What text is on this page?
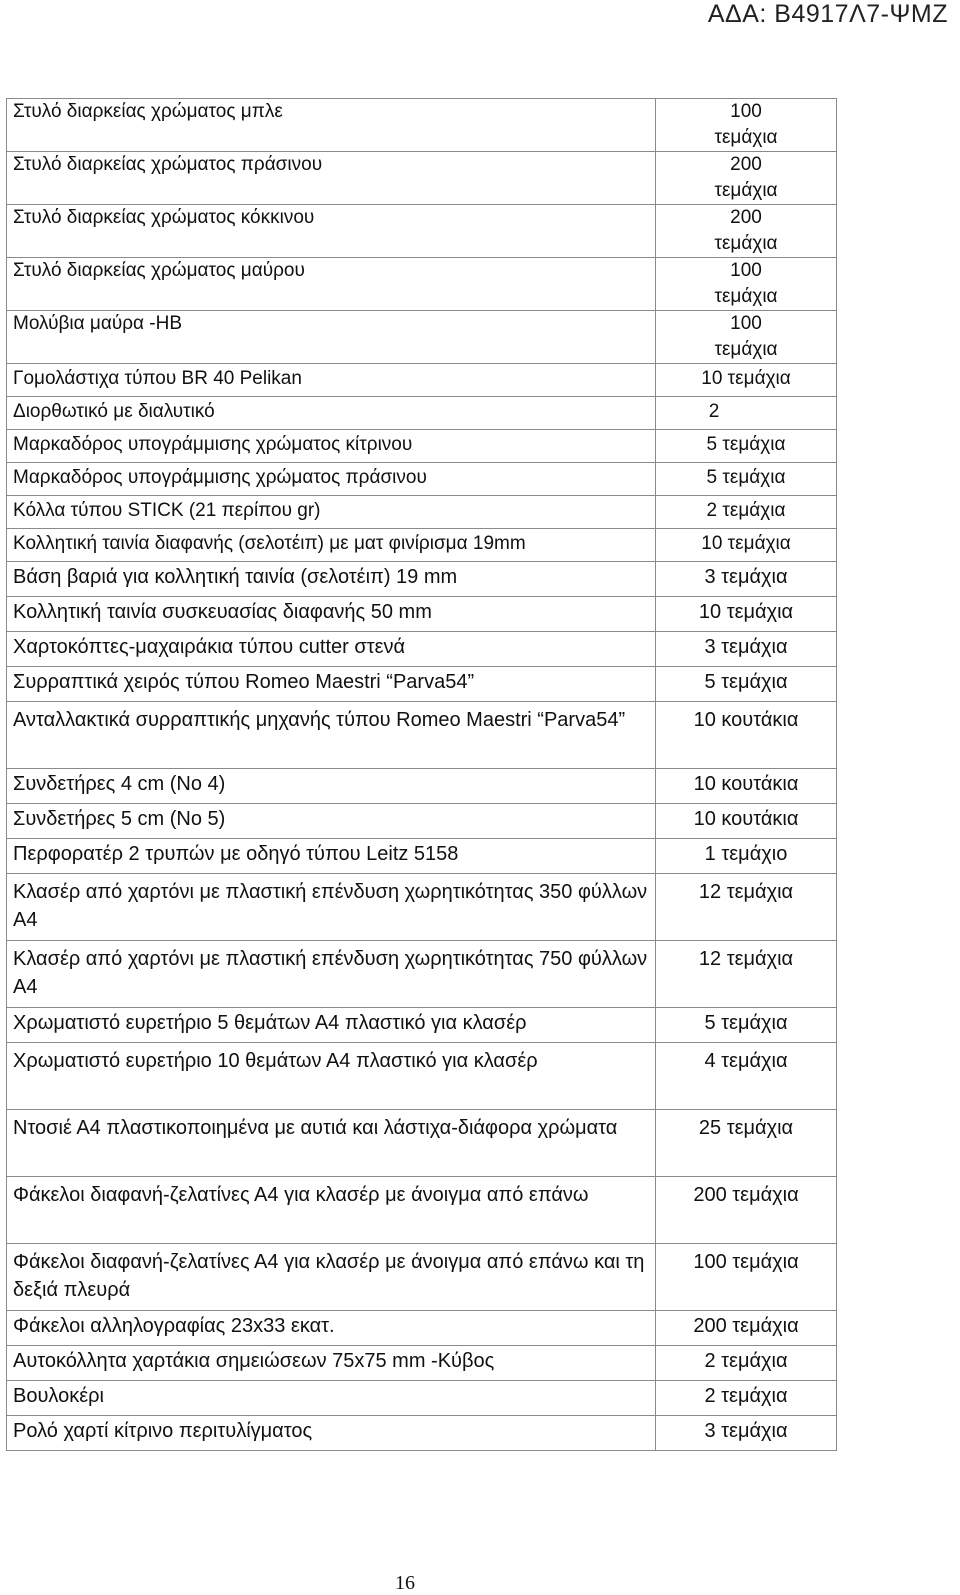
ΑΔΑ: Β4917Λ7-ΨΜΖ
Στυλό διαρκείας χρώματος μπλε	100 τεμάχια
Στυλό διαρκείας χρώματος πράσινου	200 τεμάχια
Στυλό διαρκείας χρώματος κόκκινου	200 τεμάχια
Στυλό διαρκείας χρώματος μαύρου	100 τεμάχια
Μολύβια μαύρα -HB	100 τεμάχια
Γομολάστιχα τύπου BR 40 Pelikan	10 τεμάχια
Διορθωτικό με διαλυτικό	2
Μαρκαδόρος υπογράμμισης χρώματος κίτρινου	5 τεμάχια
Μαρκαδόρος υπογράμμισης χρώματος πράσινου	5 τεμάχια
Κόλλα τύπου STICK (21 περίπου gr)	2 τεμάχια
Κολλητική ταινία διαφανής (σελοτέιπ) με ματ φινίρισμα 19mm	10 τεμάχια
Βάση βαριά για κολλητική ταινία (σελοτέιπ) 19 mm	3 τεμάχια
Κολλητική ταινία συσκευασίας διαφανής 50 mm	10 τεμάχια
Χαρτοκόπτες-μαχαιράκια τύπου cutter στενά	3 τεμάχια
Συρραπτικά χειρός τύπου Romeo Maestri “Parva54”	5 τεμάχια
Ανταλλακτικά συρραπτικής μηχανής τύπου Romeo Maestri “Parva54”	10 κουτάκια
Συνδετήρες 4 cm (No 4)	10 κουτάκια
Συνδετήρες 5 cm (No 5)	10 κουτάκια
Περφορατέρ 2 τρυπών με οδηγό τύπου Leitz 5158	1 τεμάχιο
Κλασέρ από χαρτόνι με πλαστική επένδυση χωρητικότητας 350 φύλλων Α4	12 τεμάχια
Κλασέρ από χαρτόνι με πλαστική επένδυση χωρητικότητας 750 φύλλων Α4	12 τεμάχια
Χρωματιστό ευρετήριο 5 θεμάτων Α4 πλαστικό για κλασέρ	5 τεμάχια
Χρωματιστό ευρετήριο 10 θεμάτων Α4 πλαστικό για κλασέρ	4 τεμάχια
Ντοσιέ Α4 πλαστικοποιημένα με αυτιά και λάστιχα-διάφορα χρώματα	25 τεμάχια
Φάκελοι διαφανή-ζελατίνες Α4 για κλασέρ με άνοιγμα από επάνω	200 τεμάχια
Φάκελοι διαφανή-ζελατίνες Α4 για κλασέρ με άνοιγμα από επάνω και τη δεξιά πλευρά	100 τεμάχια
Φάκελοι αλληλογραφίας 23x33 εκατ.	200 τεμάχια
Αυτοκόλλητα χαρτάκια σημειώσεων 75x75 mm -Κύβος	2 τεμάχια
Βουλοκέρι	2 τεμάχια
Ρολό χαρτί κίτρινο περιτυλίγματος	3 τεμάχια
16
